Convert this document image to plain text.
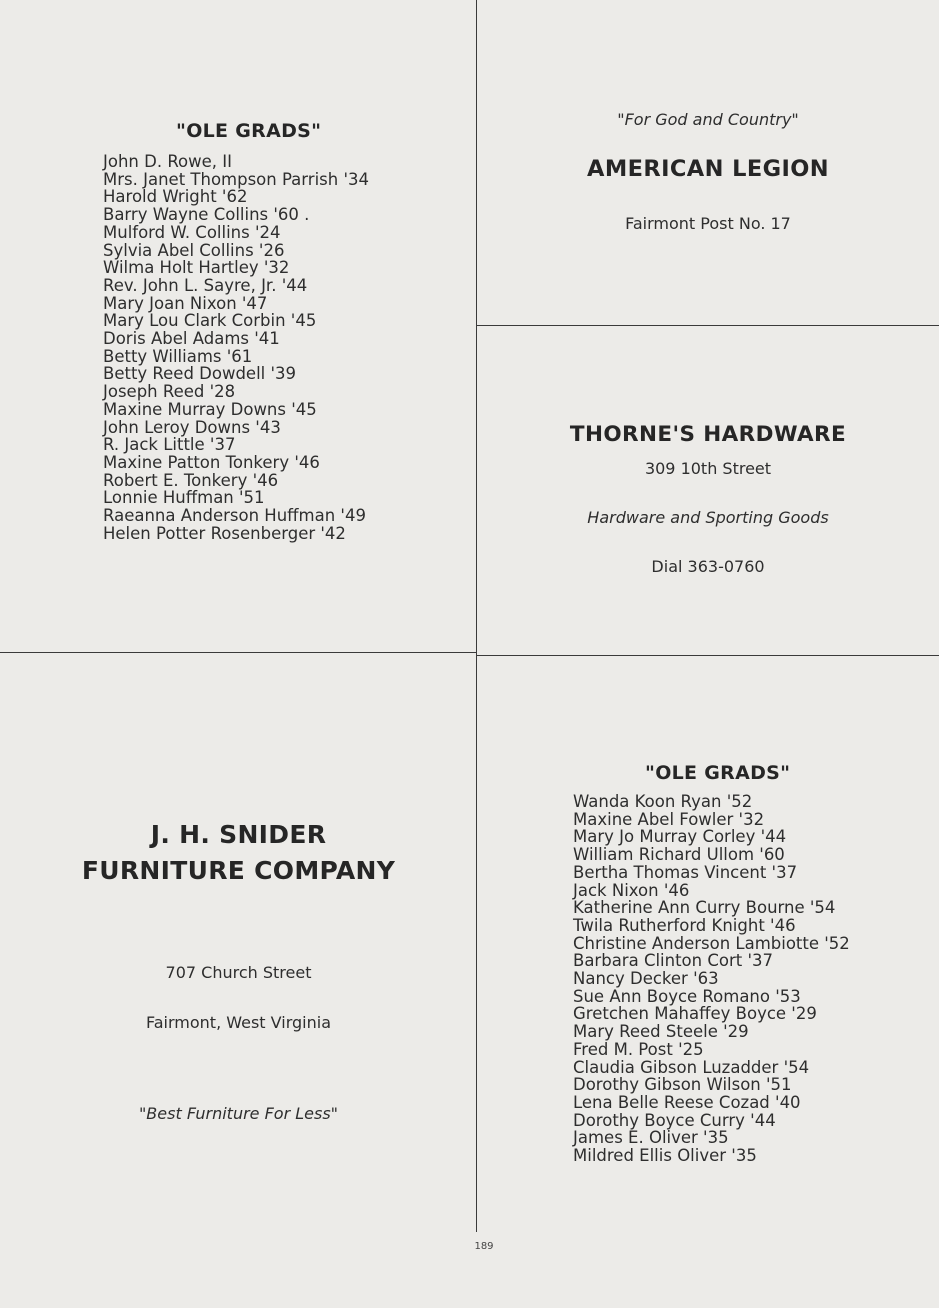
"OLE GRADS"
John D. Rowe, II
Mrs. Janet Thompson Parrish '34
Harold Wright '62
Barry Wayne Collins '60 .
Mulford W. Collins '24
Sylvia Abel Collins '26
Wilma Holt Hartley '32
Rev. John L. Sayre, Jr. '44
Mary Joan Nixon '47
Mary Lou Clark Corbin '45
Doris Abel Adams '41
Betty Williams '61
Betty Reed Dowdell '39
Joseph Reed '28
Maxine Murray Downs '45
John Leroy Downs '43
R. Jack Little '37
Maxine Patton Tonkery '46
Robert E. Tonkery '46
Lonnie Huffman '51
Raeanna Anderson Huffman '49
Helen Potter Rosenberger '42
"For God and Country"
AMERICAN LEGION
Fairmont Post No. 17
THORNE'S HARDWARE
309 10th Street
Hardware and Sporting Goods
Dial 363-0760
J. H. SNIDER
FURNITURE COMPANY
707 Church Street
Fairmont, West Virginia
"Best Furniture For Less"
"OLE GRADS"
Wanda Koon Ryan '52
Maxine Abel Fowler '32
Mary Jo Murray Corley '44
William Richard Ullom '60
Bertha Thomas Vincent '37
Jack Nixon '46
Katherine Ann Curry Bourne '54
Twila Rutherford Knight '46
Christine Anderson Lambiotte '52
Barbara Clinton Cort '37
Nancy Decker '63
Sue Ann Boyce Romano '53
Gretchen Mahaffey Boyce '29
Mary Reed Steele '29
Fred M. Post '25
Claudia Gibson Luzadder '54
Dorothy Gibson Wilson '51
Lena Belle Reese Cozad '40
Dorothy Boyce Curry '44
James E. Oliver '35
Mildred Ellis Oliver '35
189
